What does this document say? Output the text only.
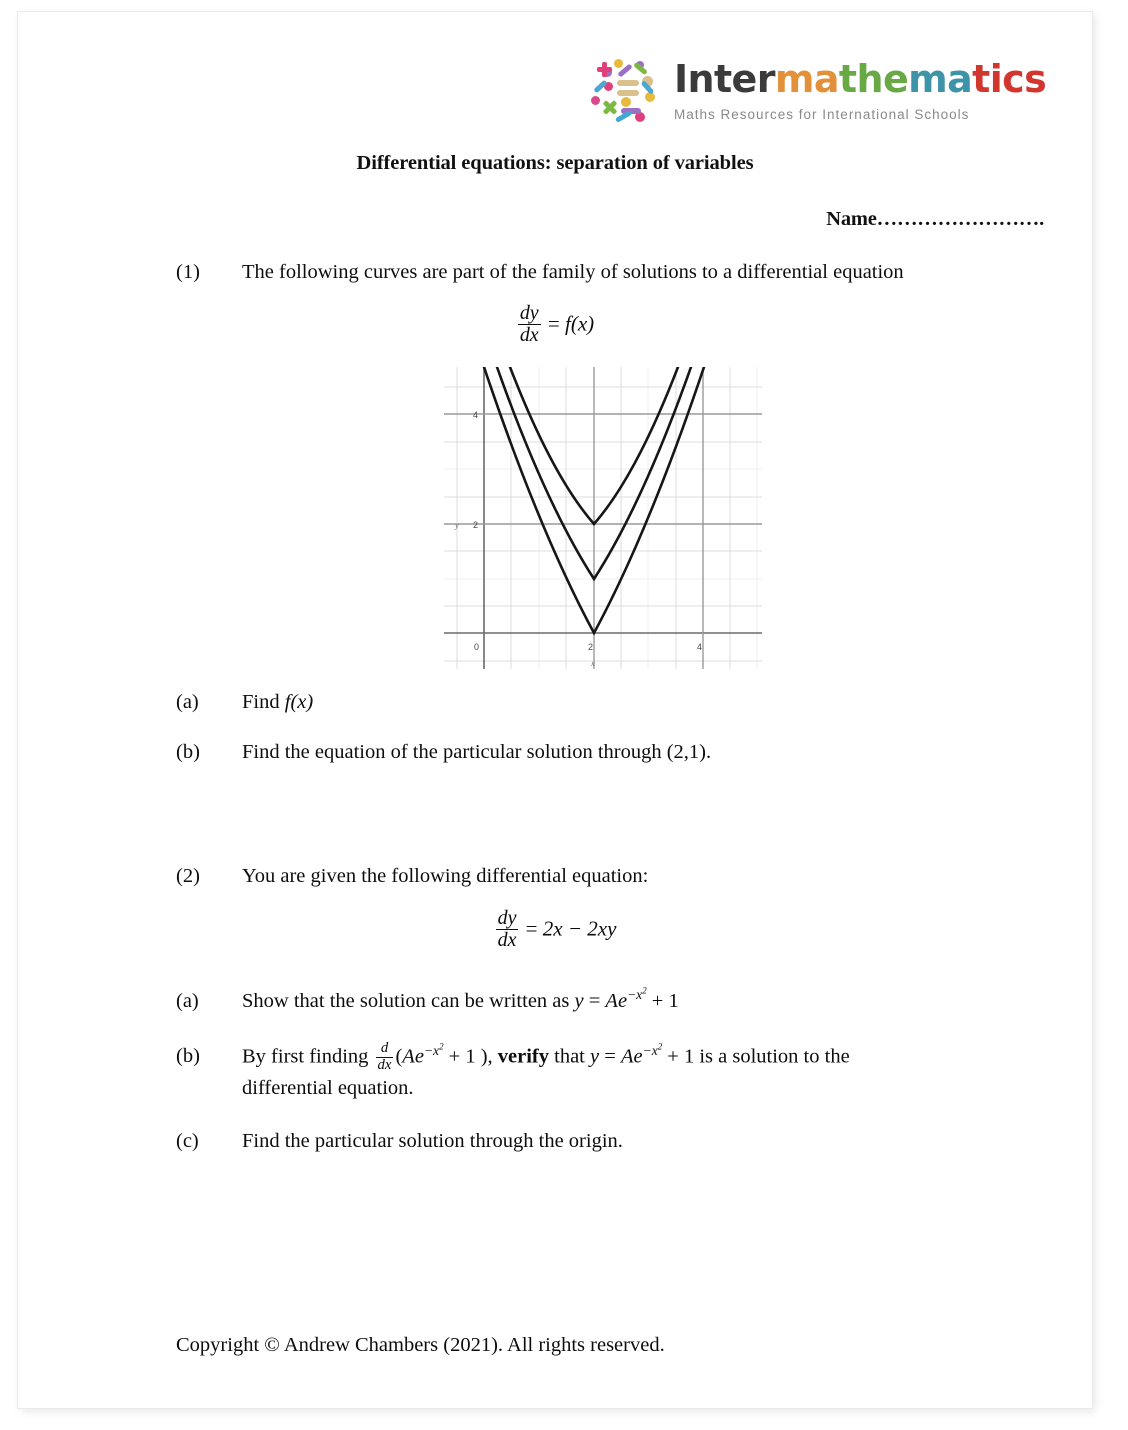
Intermathematics
Maths Resources for International Schools
Differential equations: separation of variables
Name…………………….
(1)	The following curves are part of the family of solutions to a differential equation
$\frac{dy}{dx} = f(x)$
0	2	4
2
4
y
x
(a)	Find f(x)
(b)	Find the equation of the particular solution through (2,1).
(2)	You are given the following differential equation:
$\frac{dy}{dx} = 2x - 2xy$
(a)	Show that the solution can be written as $y = Ae^{-x^2} + 1$
(b)	By first finding $\frac{d}{dx} (Ae^{-x^2} + 1$ ), verify that $y = Ae^{-x^2} + 1$ is a solution to the
differential equation.
(c)	Find the particular solution through the origin.
Copyright © Andrew Chambers (2021). All rights reserved.
